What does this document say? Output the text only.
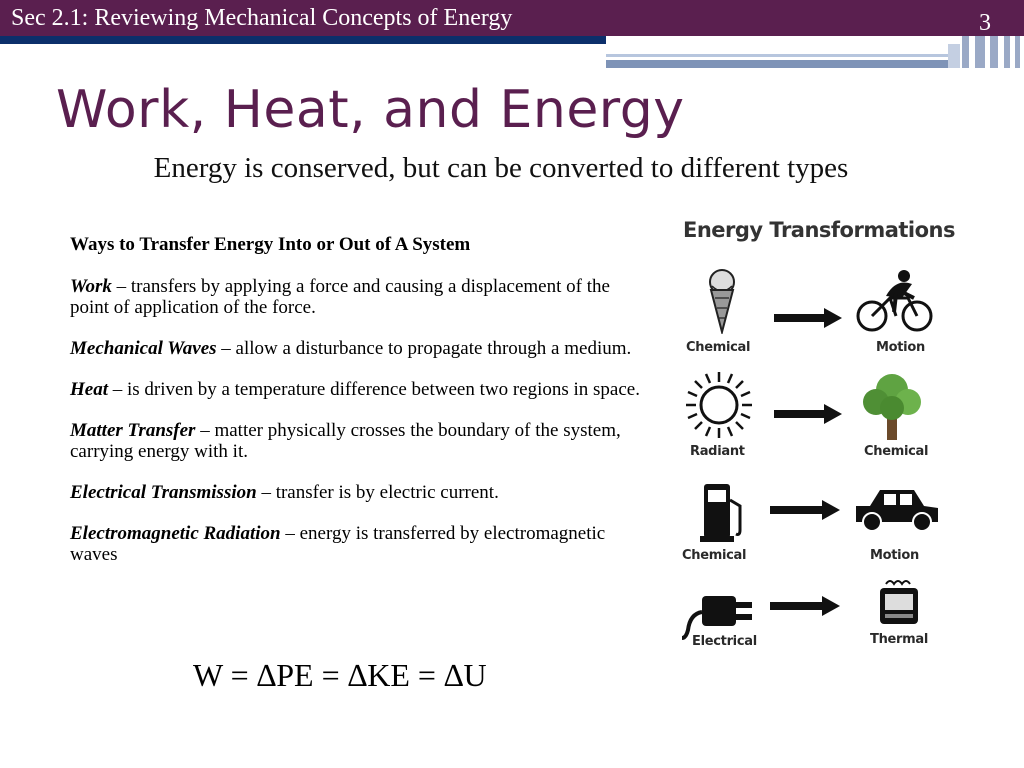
Sec 2.1: Reviewing Mechanical Concepts of Energy	3
Work, Heat, and Energy
Energy is conserved, but can be converted to different types
Ways to Transfer Energy Into or Out of A System
Work – transfers by applying a force and causing a displacement of the point of application of the force.
Mechanical Waves – allow a disturbance to propagate through a medium.
Heat – is driven by a temperature difference between two regions in space.
Matter Transfer – matter physically crosses the boundary of the system, carrying energy with it.
Electrical Transmission – transfer is by electric current.
Electromagnetic Radiation – energy is transferred by electromagnetic waves
W = ∆PE = ∆KE = ∆U
Energy Transformations
Chemical	Motion
Radiant	Chemical
Chemical	Motion
Electrical	Thermal
